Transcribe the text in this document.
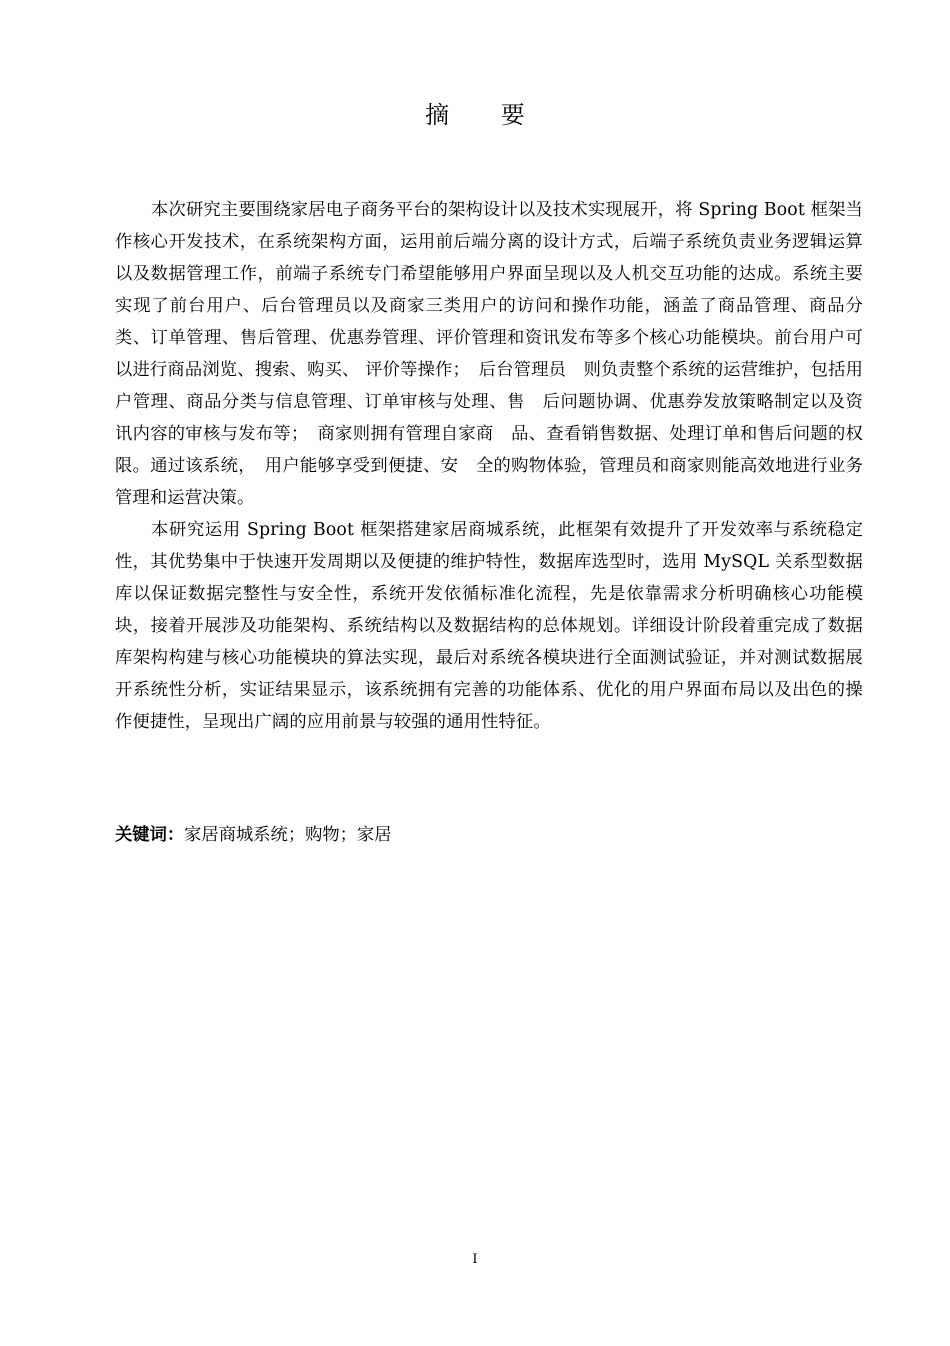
摘 要

本次研究主要围绕家居电子商务平台的架构设计以及技术实现展开，将 Spring Boot 框架当作核心开发技术，在系统架构方面，运用前后端分离的设计方式，后端子系统负责业务逻辑运算以及数据管理工作，前端子系统专门希望能够用户界面呈现以及人机交互功能的达成。系统主要实现了前台用户、后台管理员以及商家三类用户的访问和操作功能，涵盖了商品管理、商品分类、订单管理、售后管理、优惠券管理、评价管理和资讯发布等多个核心功能模块。前台用户可以进行商品浏览、搜索、购买、 评价等操作；　后台管理员　则负责整个系统的运营维护，包括用户管理、商品分类与信息管理、订单审核与处理、售　后问题协调、优惠券发放策略制定以及资讯内容的审核与发布等；　商家则拥有管理自家商　品、查看销售数据、处理订单和售后问题的权限。通过该系统，　用户能够享受到便捷、安　全的购物体验，管理员和商家则能高效地进行业务管理和运营决策。

本研究运用 Spring Boot 框架搭建家居商城系统，此框架有效提升了开发效率与系统稳定性，其优势集中于快速开发周期以及便捷的维护特性，数据库选型时，选用 MySQL 关系型数据库以保证数据完整性与安全性，系统开发依循标准化流程，先是依靠需求分析明确核心功能模块，接着开展涉及功能架构、系统结构以及数据结构的总体规划。详细设计阶段着重完成了数据库架构构建与核心功能模块的算法实现，最后对系统各模块进行全面测试验证，并对测试数据展开系统性分析，实证结果显示，该系统拥有完善的功能体系、优化的用户界面布局以及出色的操作便捷性，呈现出广阔的应用前景与较强的通用性特征。

关键词：家居商城系统；购物；家居
I
